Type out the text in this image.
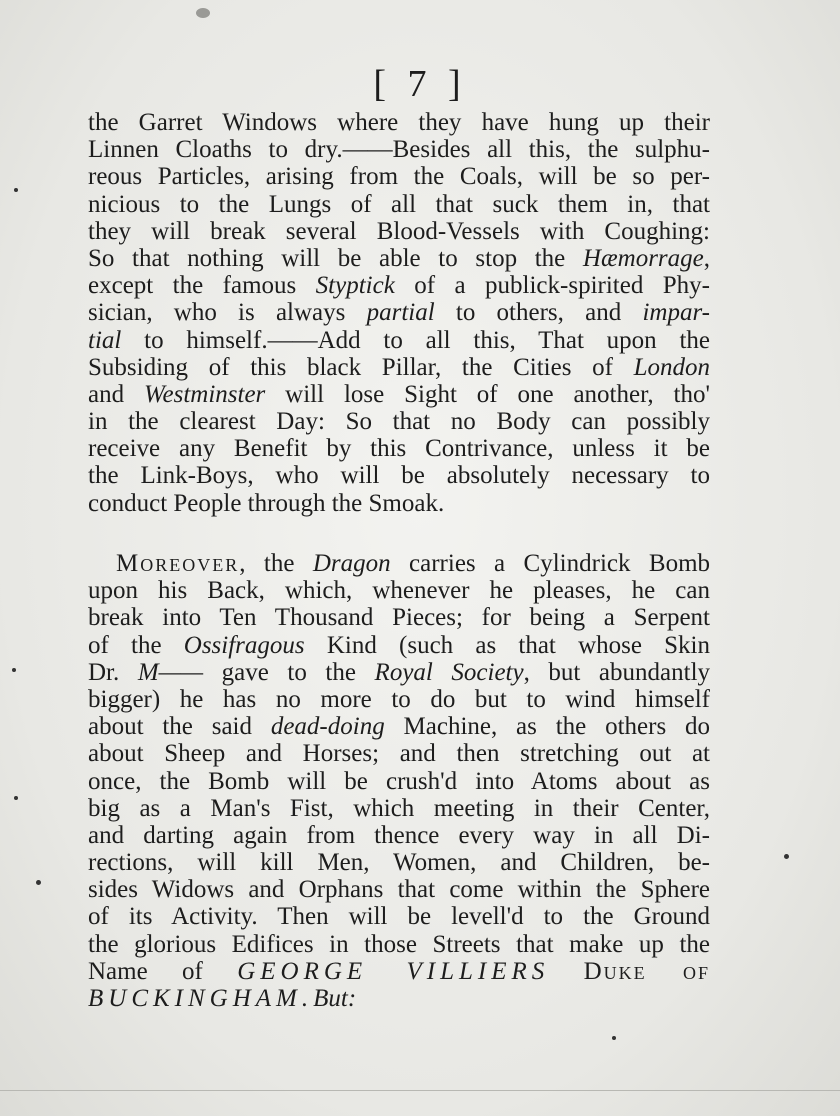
[ 7 ]
the Garret Windows where they have hung up their
Linnen Cloaths to dry.——Besides all this, the sulphu-
reous Particles, arising from the Coals, will be so per-
nicious to the Lungs of all that suck them in, that
they will break several Blood-Vessels with Coughing:
So that nothing will be able to stop the Hæmorrage,
except the famous Styptick of a publick-spirited Phy-
sician, who is always partial to others, and impar-
tial to himself.——Add to all this, That upon the
Subsiding of this black Pillar, the Cities of London
and Westminster will lose Sight of one another, tho'
in the clearest Day: So that no Body can possibly
receive any Benefit by this Contrivance, unless it be
the Link-Boys, who will be absolutely necessary to
conduct People through the Smoak.
Moreover, the Dragon carries a Cylindrick Bomb
upon his Back, which, whenever he pleases, he can
break into Ten Thousand Pieces; for being a Serpent
of the Ossifragous Kind (such as that whose Skin
Dr. M—— gave to the Royal Society, but abundantly
bigger) he has no more to do but to wind himself
about the said dead-doing Machine, as the others do
about Sheep and Horses; and then stretching out at
once, the Bomb will be crush'd into Atoms about as
big as a Man's Fist, which meeting in their Center,
and darting again from thence every way in all Di-
rections, will kill Men, Women, and Children, be-
sides Widows and Orphans that come within the Sphere
of its Activity. Then will be levell'd to the Ground
the glorious Edifices in those Streets that make up the
Name of GEORGE VILLIERS Duke of
BUCKINGHAM.But:
